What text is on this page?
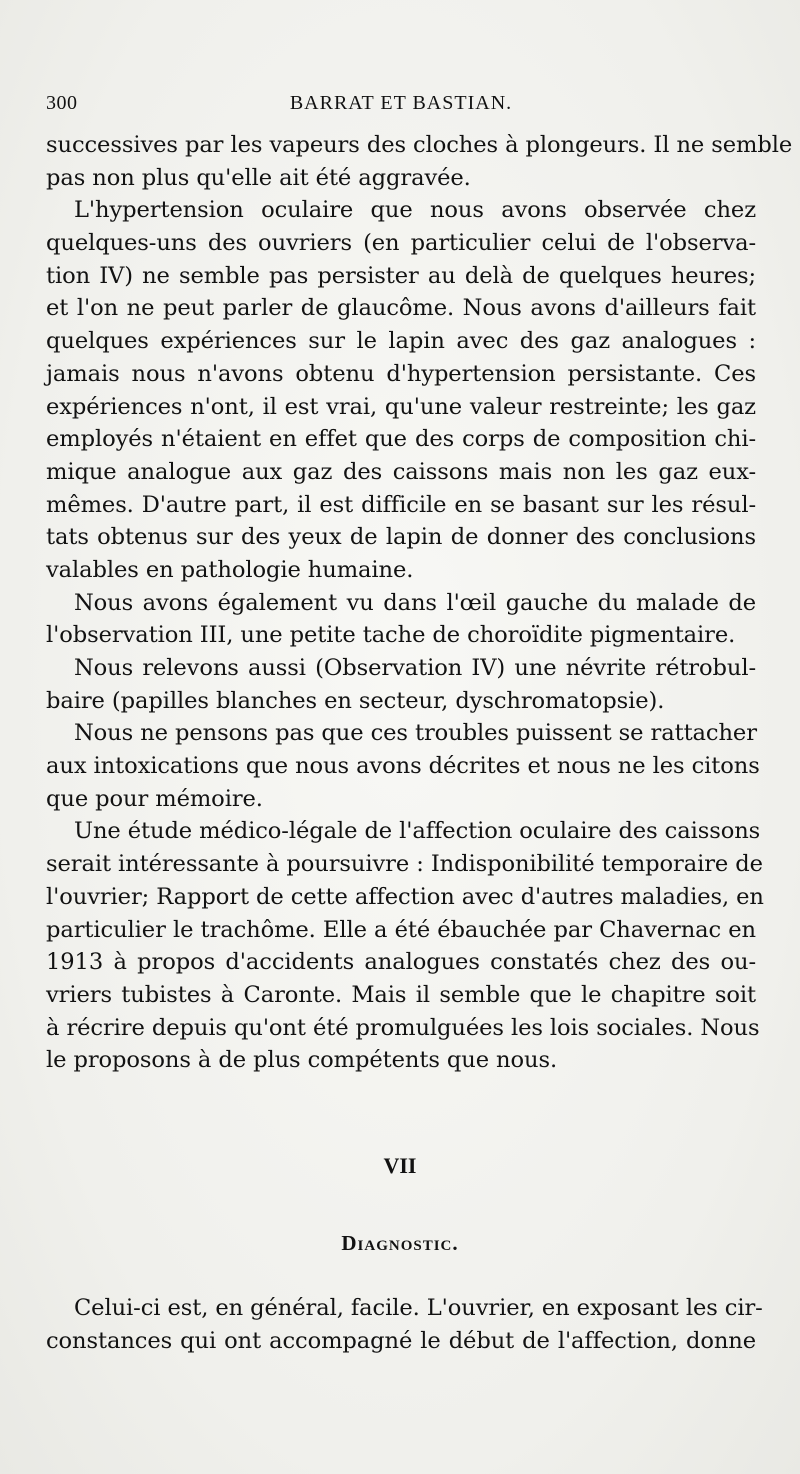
300	BARRAT ET BASTIAN.
successives par les vapeurs des cloches à plongeurs. Il ne semble
pas non plus qu'elle ait été aggravée.
L'hypertension oculaire que nous avons observée chez
quelques-uns des ouvriers (en particulier celui de l'observa-
tion IV) ne semble pas persister au delà de quelques heures;
et l'on ne peut parler de glaucôme. Nous avons d'ailleurs fait
quelques expériences sur le lapin avec des gaz analogues :
jamais nous n'avons obtenu d'hypertension persistante. Ces
expériences n'ont, il est vrai, qu'une valeur restreinte; les gaz
employés n'étaient en effet que des corps de composition chi-
mique analogue aux gaz des caissons mais non les gaz eux-
mêmes. D'autre part, il est difficile en se basant sur les résul-
tats obtenus sur des yeux de lapin de donner des conclusions
valables en pathologie humaine.
Nous avons également vu dans l'œil gauche du malade de
l'observation III, une petite tache de choroïdite pigmentaire.
Nous relevons aussi (Observation IV) une névrite rétrobul-
baire (papilles blanches en secteur, dyschromatopsie).
Nous ne pensons pas que ces troubles puissent se rattacher
aux intoxications que nous avons décrites et nous ne les citons
que pour mémoire.
Une étude médico-légale de l'affection oculaire des caissons
serait intéressante à poursuivre : Indisponibilité temporaire de
l'ouvrier; Rapport de cette affection avec d'autres maladies, en
particulier le trachôme. Elle a été ébauchée par Chavernac en
1913 à propos d'accidents analogues constatés chez des ou-
vriers tubistes à Caronte. Mais il semble que le chapitre soit
à récrire depuis qu'ont été promulguées les lois sociales. Nous
le proposons à de plus compétents que nous.
VII
Diagnostic.
Celui-ci est, en général, facile. L'ouvrier, en exposant les cir-
constances qui ont accompagné le début de l'affection, donne
